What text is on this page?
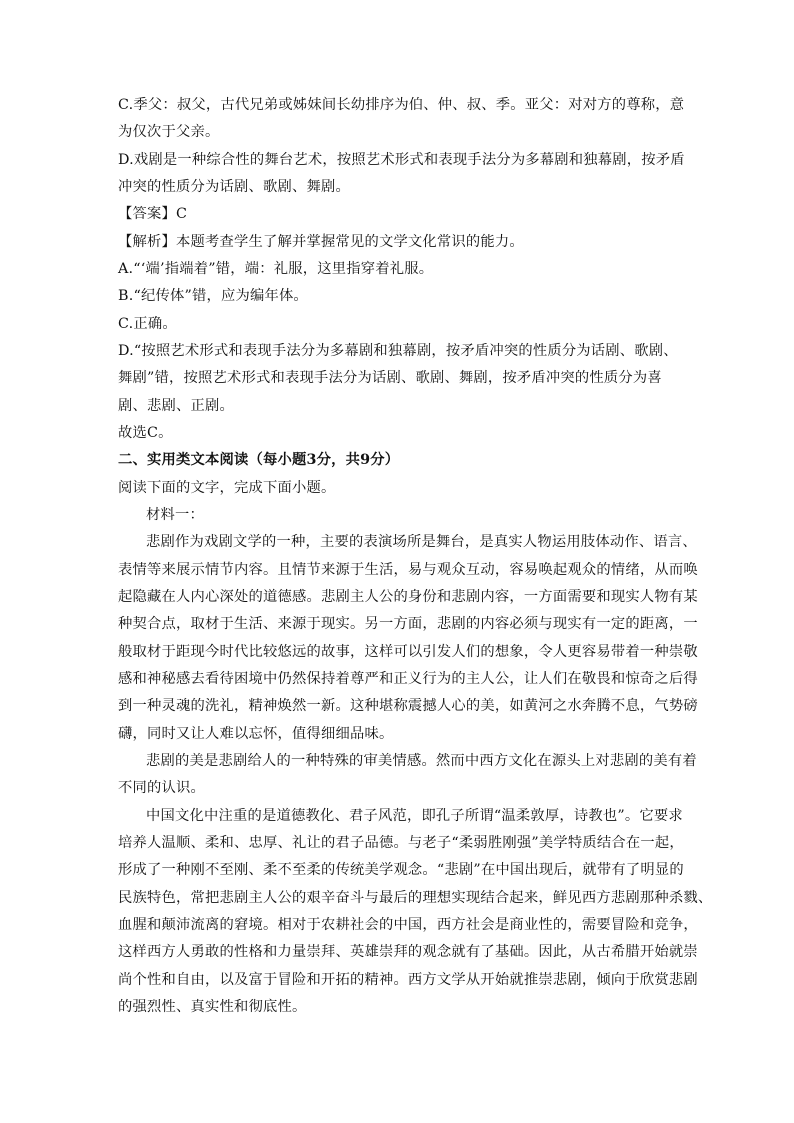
C.季父：叔父，古代兄弟或姊妹间长幼排序为伯、仲、叔、季。亚父：对对方的尊称，意
为仅次于父亲。
D.戏剧是一种综合性的舞台艺术，按照艺术形式和表现手法分为多幕剧和独幕剧，按矛盾
冲突的性质分为话剧、歌剧、舞剧。
【答案】C
【解析】本题考查学生了解并掌握常见的文学文化常识的能力。
A.“‘端’指端着”错，端：礼服，这里指穿着礼服。
B.“纪传体”错，应为编年体。
C.正确。
D.“按照艺术形式和表现手法分为多幕剧和独幕剧，按矛盾冲突的性质分为话剧、歌剧、
舞剧”错，按照艺术形式和表现手法分为话剧、歌剧、舞剧，按矛盾冲突的性质分为喜
剧、悲剧、正剧。
故选C。
二、实用类文本阅读（每小题3分，共9分）
阅读下面的文字，完成下面小题。
材料一：
悲剧作为戏剧文学的一种，主要的表演场所是舞台，是真实人物运用肢体动作、语言、
表情等来展示情节内容。且情节来源于生活，易与观众互动，容易唤起观众的情绪，从而唤
起隐藏在人内心深处的道德感。悲剧主人公的身份和悲剧内容，一方面需要和现实人物有某
种契合点，取材于生活、来源于现实。另一方面，悲剧的内容必须与现实有一定的距离，一
般取材于距现今时代比较悠远的故事，这样可以引发人们的想象，令人更容易带着一种崇敬
感和神秘感去看待困境中仍然保持着尊严和正义行为的主人公，让人们在敬畏和惊奇之后得
到一种灵魂的洗礼，精神焕然一新。这种堪称震撼人心的美，如黄河之水奔腾不息，气势磅
礴，同时又让人难以忘怀，值得细细品味。
悲剧的美是悲剧给人的一种特殊的审美情感。然而中西方文化在源头上对悲剧的美有着
不同的认识。
中国文化中注重的是道德教化、君子风范，即孔子所谓“温柔敦厚，诗教也”。它要求
培养人温顺、柔和、忠厚、礼让的君子品德。与老子“柔弱胜刚强”美学特质结合在一起，
形成了一种刚不至刚、柔不至柔的传统美学观念。“悲剧”在中国出现后，就带有了明显的
民族特色，常把悲剧主人公的艰辛奋斗与最后的理想实现结合起来，鲜见西方悲剧那种杀戮、
血腥和颠沛流离的窘境。相对于农耕社会的中国，西方社会是商业性的，需要冒险和竞争，
这样西方人勇敢的性格和力量崇拜、英雄崇拜的观念就有了基础。因此，从古希腊开始就崇
尚个性和自由，以及富于冒险和开拓的精神。西方文学从开始就推崇悲剧，倾向于欣赏悲剧
的强烈性、真实性和彻底性。
